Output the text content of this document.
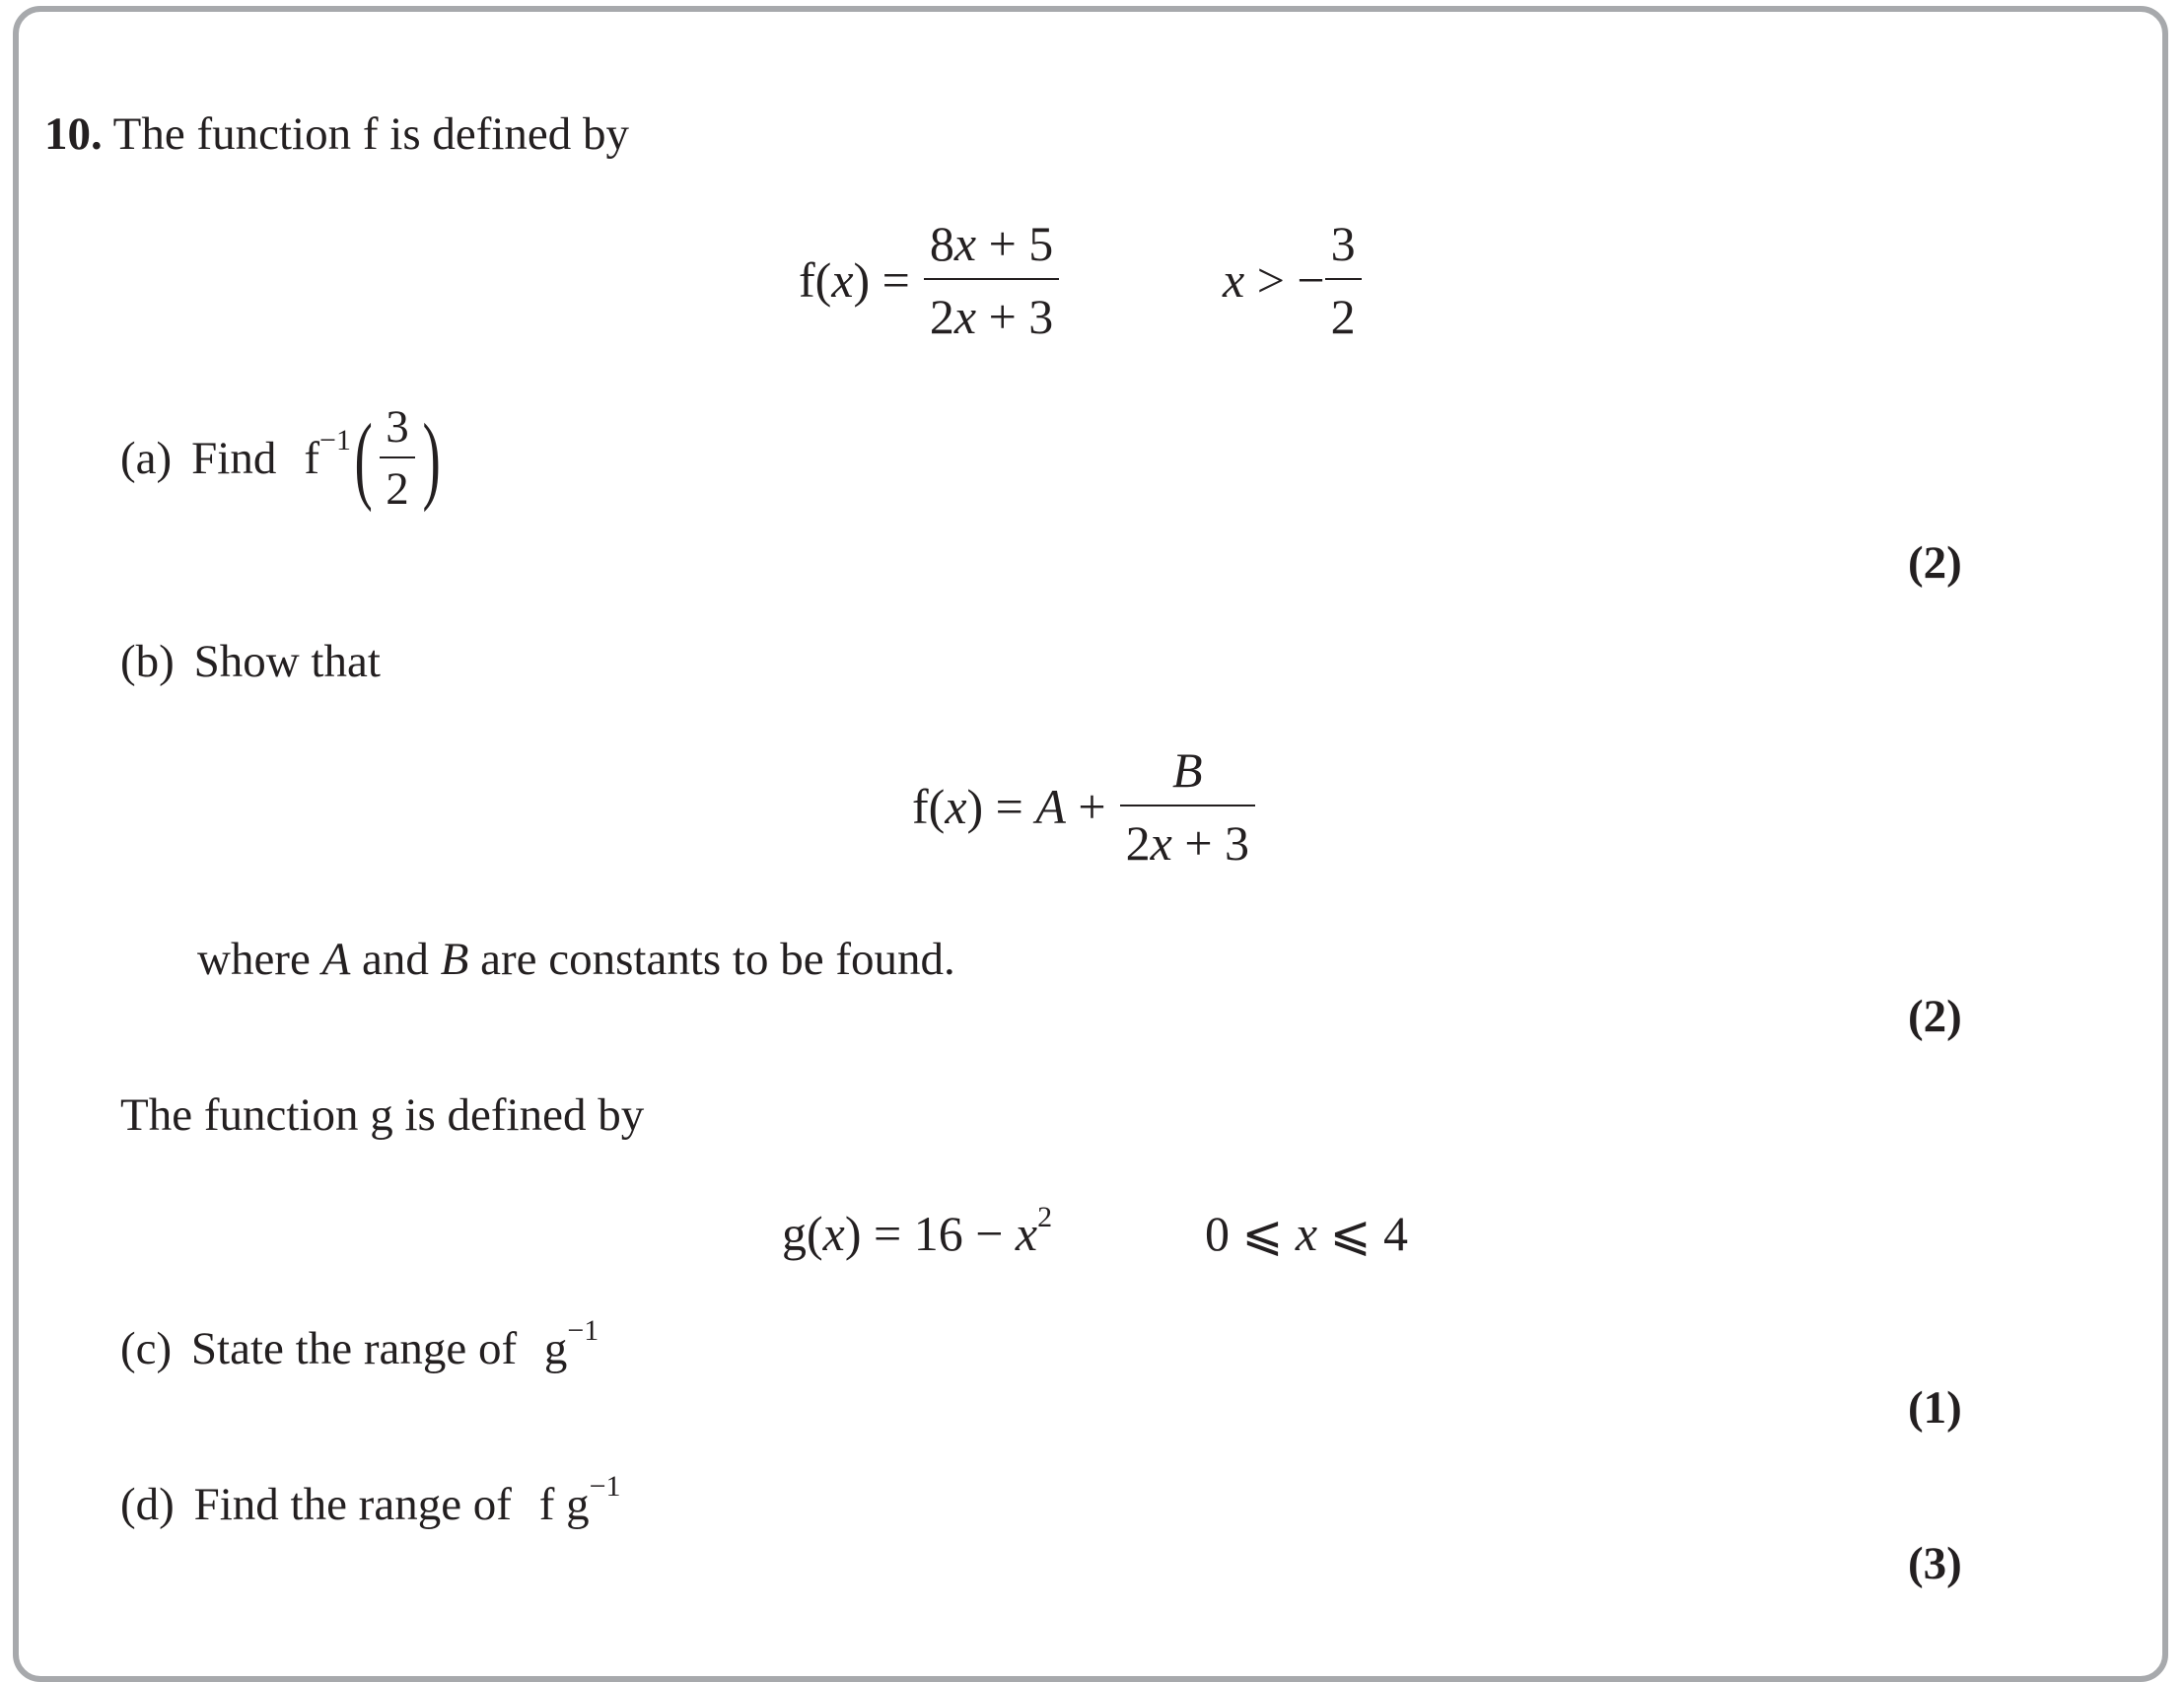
10. The function f is defined by
$f(x) = \frac{8x + 5}{2x + 3}$	x > − $\frac{3}{2}$
(a) Find $f^{-1}$ ( $\frac{3}{2}$ )
(2)
(b) Show that
$f(x) = A + \frac{B}{2x + 3}$
where A and B are constants to be found.
(2)
The function g is defined by
$g(x) = 16 - x^2$	0 ⩽ x ⩽ 4
(c) State the range of $g^{-1}$
(1)
(d) Find the range of f $g^{-1}$
(3)
